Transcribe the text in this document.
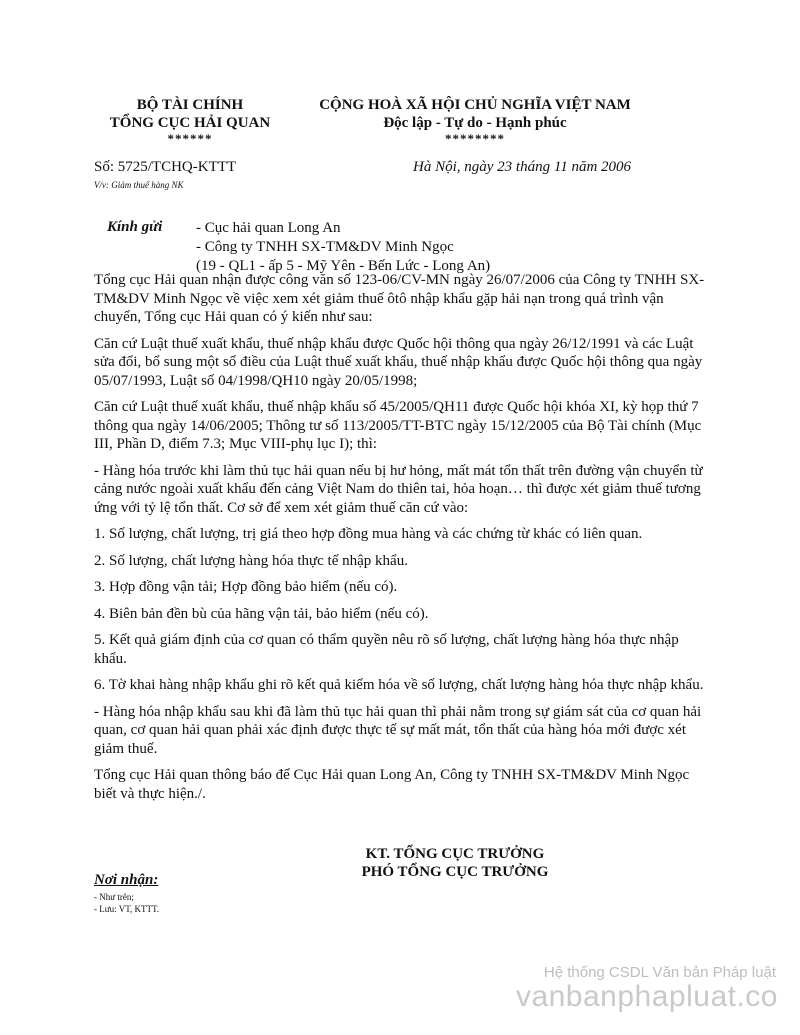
BỘ TÀI CHÍNH
TỔNG CỤC HẢI QUAN
******
CỘNG HOÀ XÃ HỘI CHỦ NGHĨA VIỆT NAM
Độc lập - Tự do - Hạnh phúc
********
Số: 5725/TCHQ-KTTT
V/v: Giảm thuế hàng NK
Hà Nội, ngày 23 tháng 11 năm 2006
Kính gửi - Cục hải quan Long An
- Công ty TNHH SX-TM&DV Minh Ngọc
(19 - QL1 - ấp 5 - Mỹ Yên - Bến Lức - Long An)

Tổng cục Hải quan nhận được công văn số 123-06/CV-MN ngày 26/07/2006 của Công ty TNHH SX-TM&DV Minh Ngọc về việc xem xét giảm thuế ôtô nhập khẩu gặp hải nạn trong quá trình vận chuyển, Tổng cục Hải quan có ý kiến như sau:

Căn cứ Luật thuế xuất khẩu, thuế nhập khẩu được Quốc hội thông qua ngày 26/12/1991 và các Luật sửa đổi, bổ sung một số điều của Luật thuế xuất khẩu, thuế nhập khẩu được Quốc hội thông qua ngày 05/07/1993, Luật số 04/1998/QH10 ngày 20/05/1998;

Căn cứ Luật thuế xuất khẩu, thuế nhập khẩu số 45/2005/QH11 được Quốc hội khóa XI, kỳ họp thứ 7 thông qua ngày 14/06/2005; Thông tư số 113/2005/TT-BTC ngày 15/12/2005 của Bộ Tài chính (Mục III, Phần D, điểm 7.3; Mục VIII-phụ lục I); thì:

- Hàng hóa trước khi làm thủ tục hải quan nếu bị hư hỏng, mất mát tổn thất trên đường vận chuyển từ cảng nước ngoài xuất khẩu đến cảng Việt Nam do thiên tai, hỏa hoạn… thì được xét giảm thuế tương ứng với tỷ lệ tổn thất. Cơ sở để xem xét giảm thuế căn cứ vào:

1. Số lượng, chất lượng, trị giá theo hợp đồng mua hàng và các chứng từ khác có liên quan.

2. Số lượng, chất lượng hàng hóa thực tế nhập khẩu.

3. Hợp đồng vận tải; Hợp đồng bảo hiểm (nếu có).

4. Biên bản đền bù của hãng vận tải, bảo hiểm (nếu có).

5. Kết quả giám định của cơ quan có thẩm quyền nêu rõ số lượng, chất lượng hàng hóa thực nhập khẩu.

6. Tờ khai hàng nhập khẩu ghi rõ kết quả kiểm hóa về số lượng, chất lượng hàng hóa thực nhập khẩu.

- Hàng hóa nhập khẩu sau khi đã làm thủ tục hải quan thì phải nằm trong sự giám sát của cơ quan hải quan, cơ quan hải quan phải xác định được thực tế sự mất mát, tổn thất của hàng hóa mới được xét giảm thuế.

Tổng cục Hải quan thông báo để Cục Hải quan Long An, Công ty TNHH SX-TM&DV Minh Ngọc biết và thực hiện./.

KT. TỔNG CỤC TRƯỞNG
PHÓ TỔNG CỤC TRƯỞNG
Nơi nhận:
- Như trên;
- Lưu: VT, KTTT.
Hệ thống CSDL Văn bản Pháp luật
vanbanphapluat.co
